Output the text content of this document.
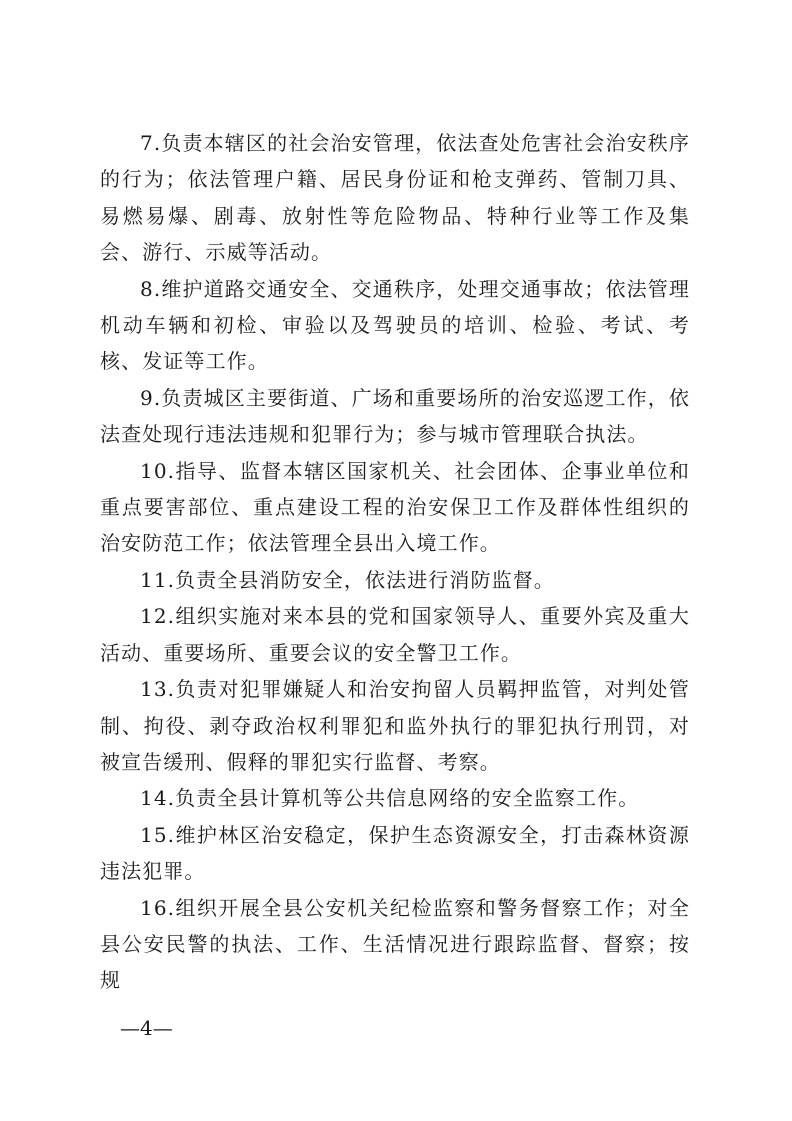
7.负责本辖区的社会治安管理，依法查处危害社会治安秩序的行为；依法管理户籍、居民身份证和枪支弹药、管制刀具、易燃易爆、剧毒、放射性等危险物品、特种行业等工作及集会、游行、示威等活动。

8.维护道路交通安全、交通秩序，处理交通事故；依法管理机动车辆和初检、审验以及驾驶员的培训、检验、考试、考核、发证等工作。

9.负责城区主要街道、广场和重要场所的治安巡逻工作，依法查处现行违法违规和犯罪行为；参与城市管理联合执法。

10.指导、监督本辖区国家机关、社会团体、企事业单位和重点要害部位、重点建设工程的治安保卫工作及群体性组织的治安防范工作；依法管理全县出入境工作。

11.负责全县消防安全，依法进行消防监督。

12.组织实施对来本县的党和国家领导人、重要外宾及重大活动、重要场所、重要会议的安全警卫工作。

13.负责对犯罪嫌疑人和治安拘留人员羁押监管，对判处管制、拘役、剥夺政治权利罪犯和监外执行的罪犯执行刑罚，对被宣告缓刑、假释的罪犯实行监督、考察。

14.负责全县计算机等公共信息网络的安全监察工作。

15.维护林区治安稳定，保护生态资源安全，打击森林资源违法犯罪。

16.组织开展全县公安机关纪检监察和警务督察工作；对全县公安民警的执法、工作、生活情况进行跟踪监督、督察；按规

—4—
